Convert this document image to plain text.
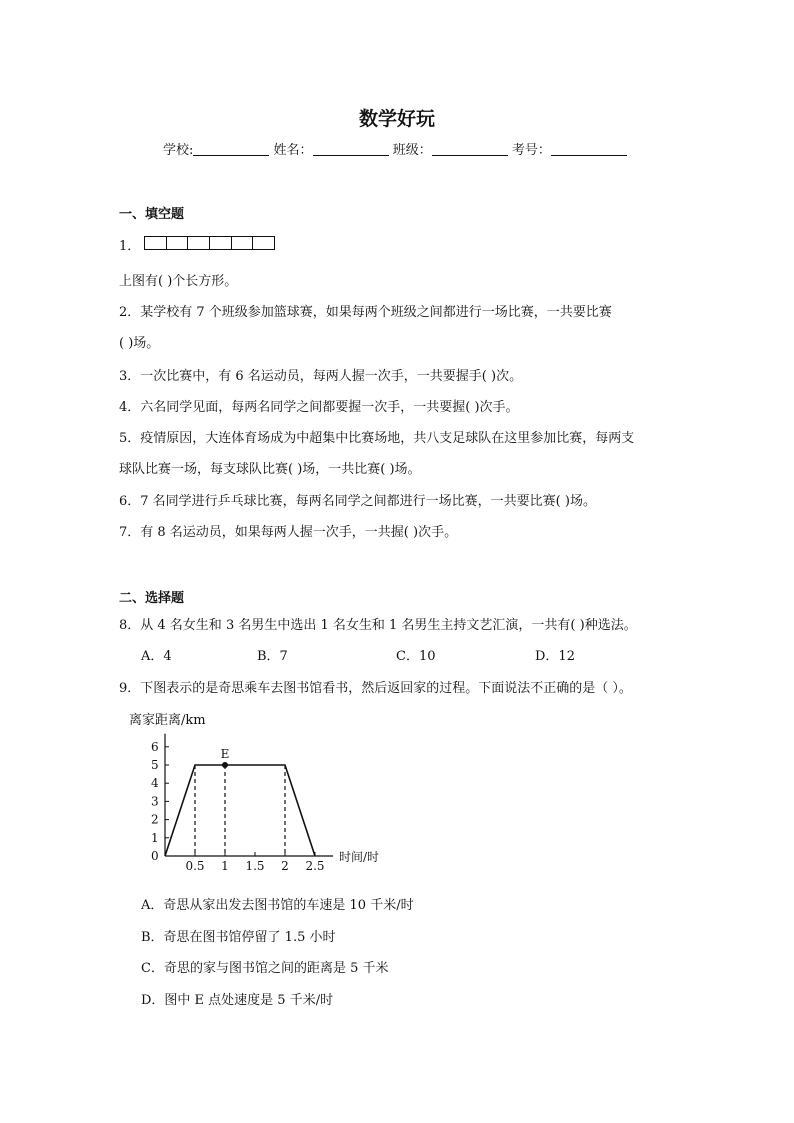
数学好玩
学校:	姓名：	班级：	考号：
一、填空题
1．
上图有( )个长方形。
2．某学校有 7 个班级参加篮球赛，如果每两个班级之间都进行一场比赛，一共要比赛
( )场。
3．一次比赛中，有 6 名运动员，每两人握一次手，一共要握手( )次。
4．六名同学见面，每两名同学之间都要握一次手，一共要握( )次手。
5．疫情原因，大连体育场成为中超集中比赛场地，共八支足球队在这里参加比赛，每两支
球队比赛一场，每支球队比赛( )场，一共比赛( )场。
6．7 名同学进行乒乓球比赛，每两名同学之间都进行一场比赛，一共要比赛( )场。
7．有 8 名运动员，如果每两人握一次手，一共握( )次手。
二、选择题
8．从 4 名女生和 3 名男生中选出 1 名女生和 1 名男生主持文艺汇演，一共有( )种选法。
A．4	B．7	C．10	D．12
9．下图表示的是奇思乘车去图书馆看书，然后返回家的过程。下面说法不正确的是（ ）。
离家距离/km
时间/时
0
1
2
3
4
5
6
0.5 1 1.5 2 2.5
E
A．奇思从家出发去图书馆的车速是 10 千米/时
B．奇思在图书馆停留了 1.5 小时
C．奇思的家与图书馆之间的距离是 5 千米
D．图中 E 点处速度是 5 千米/时
